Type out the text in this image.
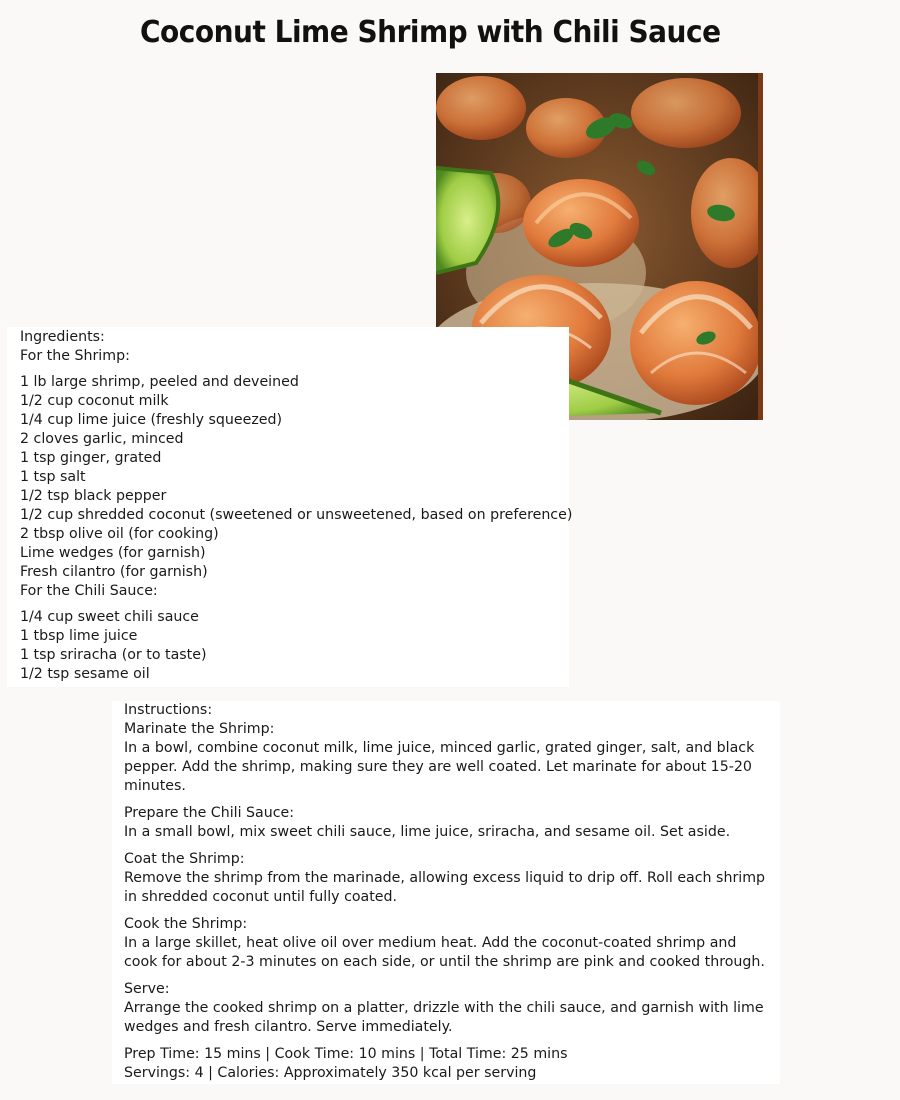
Coconut Lime Shrimp with Chili Sauce
Ingredients:
For the Shrimp:
1 lb large shrimp, peeled and deveined
1/2 cup coconut milk
1/4 cup lime juice (freshly squeezed)
2 cloves garlic, minced
1 tsp ginger, grated
1 tsp salt
1/2 tsp black pepper
1/2 cup shredded coconut (sweetened or unsweetened, based on preference)
2 tbsp olive oil (for cooking)
Lime wedges (for garnish)
Fresh cilantro (for garnish)
For the Chili Sauce:
1/4 cup sweet chili sauce
1 tbsp lime juice
1 tsp sriracha (or to taste)
1/2 tsp sesame oil
Instructions:
Marinate the Shrimp:
In a bowl, combine coconut milk, lime juice, minced garlic, grated ginger, salt, and black pepper. Add the shrimp, making sure they are well coated. Let marinate for about 15-20 minutes.
Prepare the Chili Sauce:
In a small bowl, mix sweet chili sauce, lime juice, sriracha, and sesame oil. Set aside.
Coat the Shrimp:
Remove the shrimp from the marinade, allowing excess liquid to drip off. Roll each shrimp in shredded coconut until fully coated.
Cook the Shrimp:
In a large skillet, heat olive oil over medium heat. Add the coconut-coated shrimp and cook for about 2-3 minutes on each side, or until the shrimp are pink and cooked through.
Serve:
Arrange the cooked shrimp on a platter, drizzle with the chili sauce, and garnish with lime wedges and fresh cilantro. Serve immediately.
Prep Time: 15 mins | Cook Time: 10 mins | Total Time: 25 mins
Servings: 4 | Calories: Approximately 350 kcal per serving
